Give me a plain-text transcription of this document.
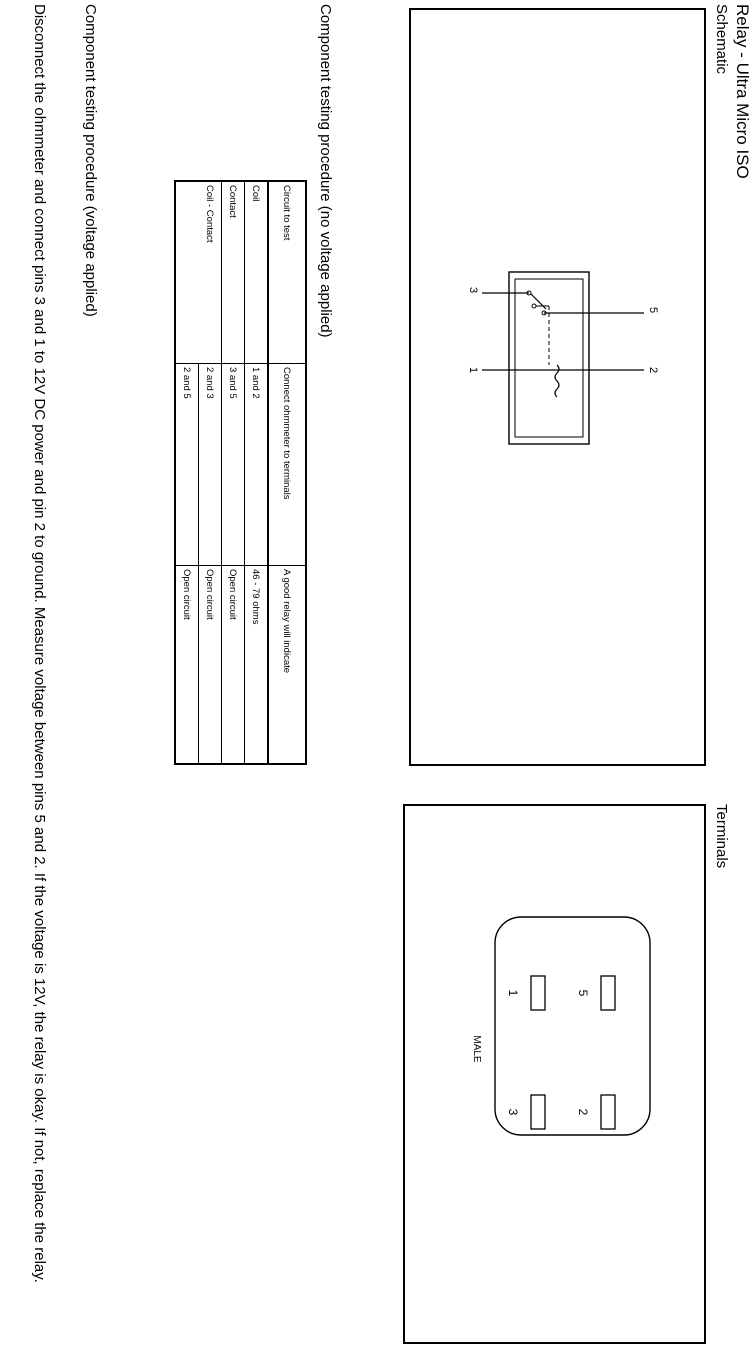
Relay - Ultra Micro ISO
Schematic
Terminals
3
5
2
1
5
2
1
3
MALE
Component testing procedure (no voltage applied)
Circuit to test	Connect ohmmeter to terminals	A good relay will indicate
Coil	1 and 2	46 - 79 ohms
Contact	3 and 5	Open circuit
Coil - Contact	2 and 3	Open circuit
	2 and 5	Open circuit
Component testing procedure (voltage applied)
Disconnect the ohmmeter and connect pins 3 and 1 to 12V DC power and pin 2 to ground. Measure voltage between pins 5 and 2. If the voltage is 12V, the relay is okay. If not, replace the relay.
